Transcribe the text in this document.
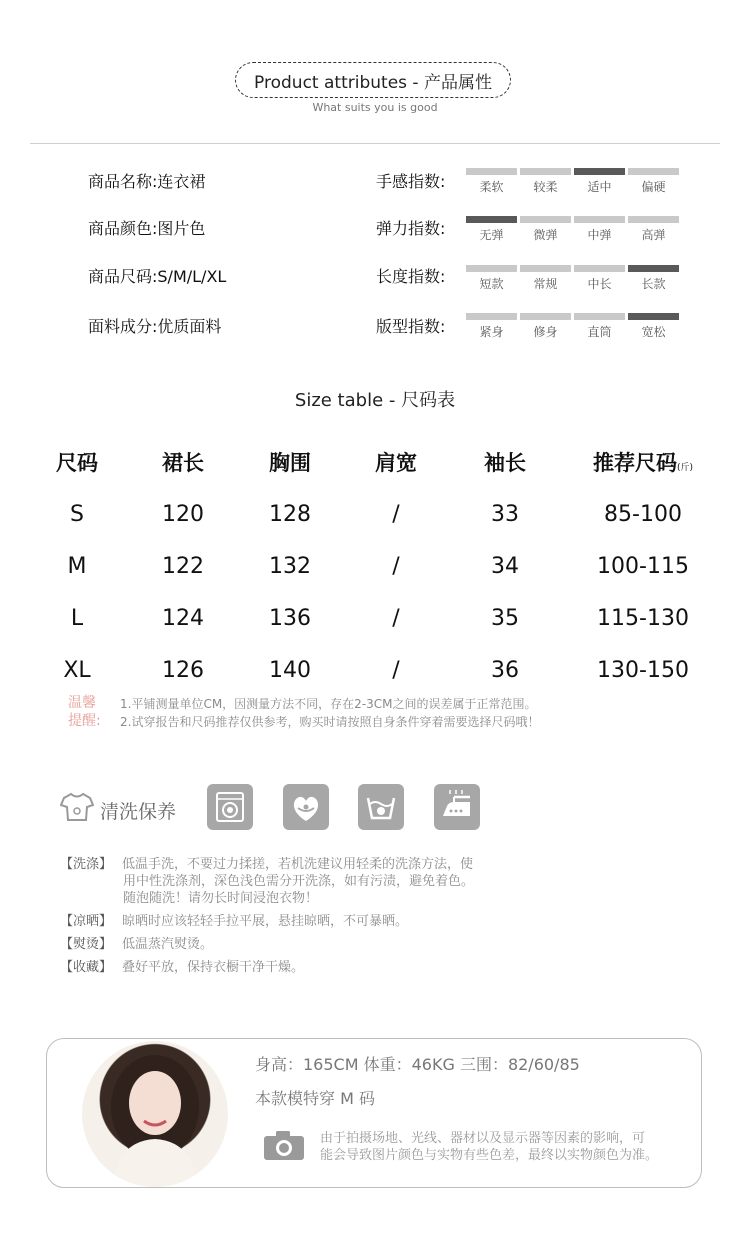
Product attributes - 产品属性
What suits you is good
商品名称:连衣裙
商品颜色:图片色
商品尺码:S/M/L/XL
面料成分:优质面料
手感指数:	柔软	较柔	适中	偏硬
弹力指数:	无弹	微弹	中弹	高弹
长度指数:	短款	常规	中长	长款
版型指数:	紧身	修身	直筒	宽松
Size table - 尺码表
尺码	裙长	胸围	肩宽	袖长	推荐尺码(斤)
S	120	128	/	33	85-100
M	122	132	/	34	100-115
L	124	136	/	35	115-130
XL	126	140	/	36	130-150
温馨
提醒:
1.平铺测量单位CM，因测量方法不同，存在2-3CM之间的误差属于正常范围。
2.试穿报告和尺码推荐仅供参考，购买时请按照自身条件穿着需要选择尺码哦！
清洗保养
【洗涤】 低温手洗，不要过力揉搓，若机洗建议用轻柔的洗涤方法，使
用中性洗涤剂，深色浅色需分开洗涤，如有污渍，避免着色。
随泡随洗！请勿长时间浸泡衣物！
【凉晒】 晾晒时应该轻轻手拉平展，悬挂晾晒，不可暴晒。
【熨烫】 低温蒸汽熨烫。
【收藏】 叠好平放，保持衣橱干净干燥。
身高：165CM 体重：46KG 三围：82/60/85
本款模特穿 M 码
由于拍摄场地、光线、器材以及显示器等因素的影响，可
能会导致图片颜色与实物有些色差，最终以实物颜色为准。
